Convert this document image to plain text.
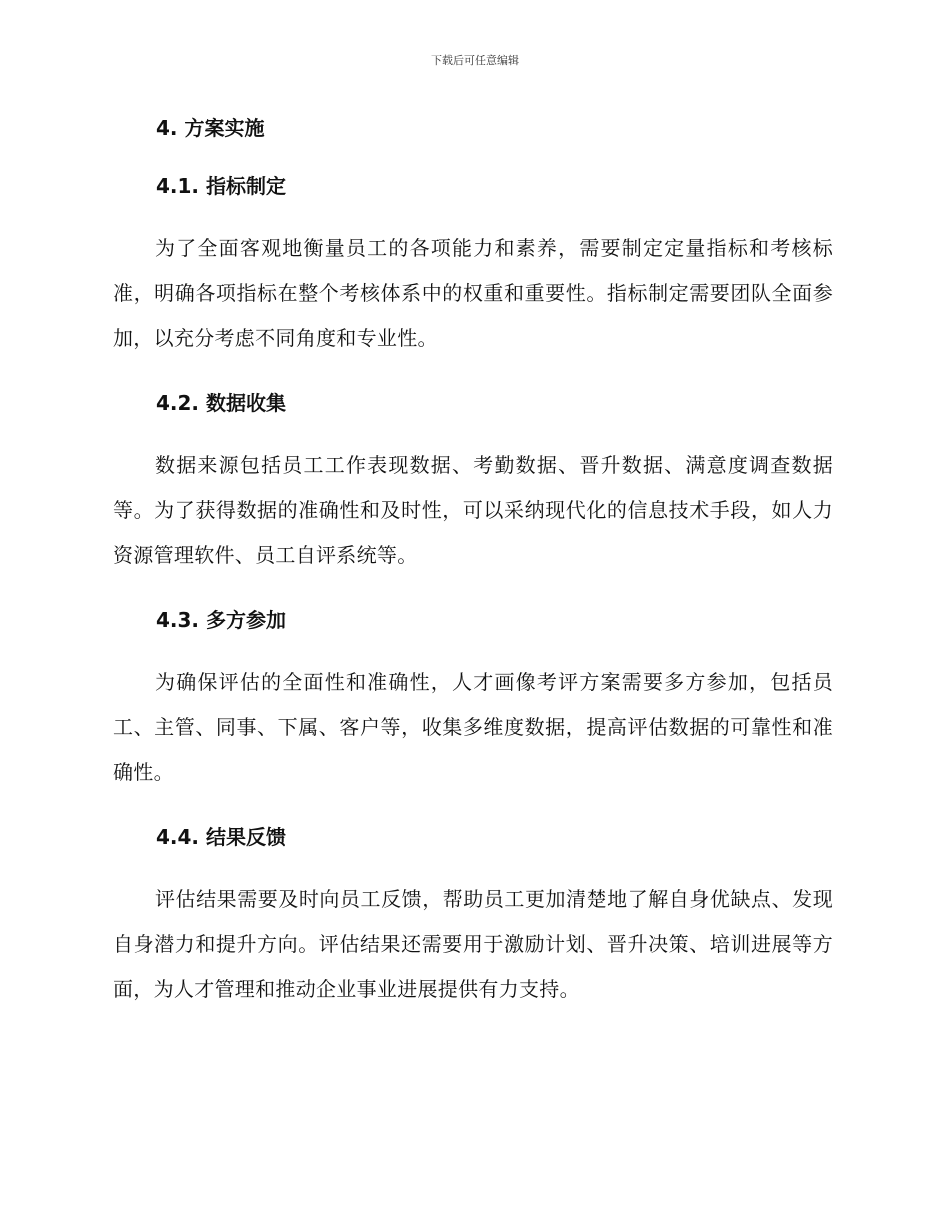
下载后可任意编辑
4. 方案实施
4.1. 指标制定

为了全面客观地衡量员工的各项能力和素养，需要制定定量指标和考核标准，明确各项指标在整个考核体系中的权重和重要性。指标制定需要团队全面参加，以充分考虑不同角度和专业性。

4.2. 数据收集

数据来源包括员工工作表现数据、考勤数据、晋升数据、满意度调查数据等。为了获得数据的准确性和及时性，可以采纳现代化的信息技术手段，如人力资源管理软件、员工自评系统等。

4.3. 多方参加

为确保评估的全面性和准确性，人才画像考评方案需要多方参加，包括员工、主管、同事、下属、客户等，收集多维度数据，提高评估数据的可靠性和准确性。

4.4. 结果反馈

评估结果需要及时向员工反馈，帮助员工更加清楚地了解自身优缺点、发现自身潜力和提升方向。评估结果还需要用于激励计划、晋升决策、培训进展等方面，为人才管理和推动企业事业进展提供有力支持。
